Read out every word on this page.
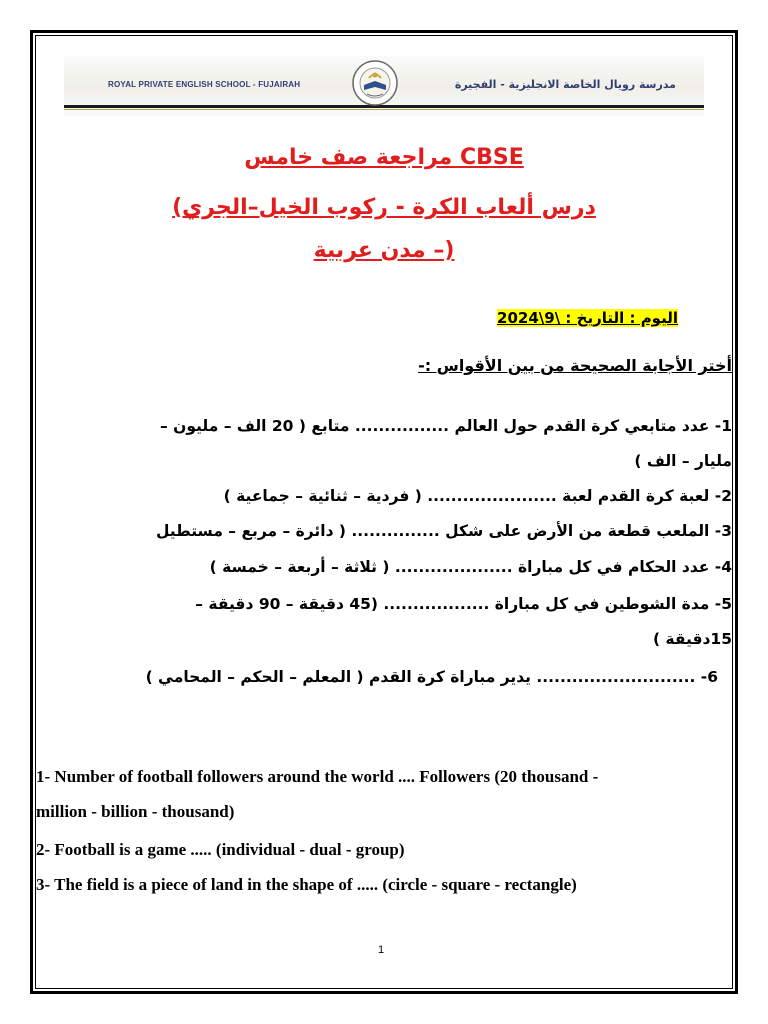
ROYAL PRIVATE ENGLISH SCHOOL - FUJAIRAH	مدرسة رويال الخاصة الانجليزية - الفجيرة
CBSE مراجعة صف خامس
درس ألعاب الكرة - ركوب الخيل–الجري)
(– مدن عربية
اليوم : التاريخ : \9\2024
أختر الأجابة الصحيحة من بين الأقواس :-
1- عدد متابعي كرة القدم حول العالم ................ متابع ( 20 الف – مليون –
مليار – الف )
2- لعبة كرة القدم لعبة ...................... ( فردية – ثنائية – جماعية )
3- الملعب قطعة من الأرض على شكل ............... ( دائرة – مربع – مستطيل
4- عدد الحكام في كل مباراة .................... ( ثلاثة – أربعة – خمسة )
5- مدة الشوطين في كل مباراة .................. (45 دقيقة – 90 دقيقة –
15دقيقة )
6- ........................... يدير مباراة كرة القدم ( المعلم – الحكم – المحامي )
1- Number of football followers around the world .... Followers (20 thousand -
million - billion - thousand)
2- Football is a game ..... (individual - dual - group)
3- The field is a piece of land in the shape of ..... (circle - square - rectangle)
1
